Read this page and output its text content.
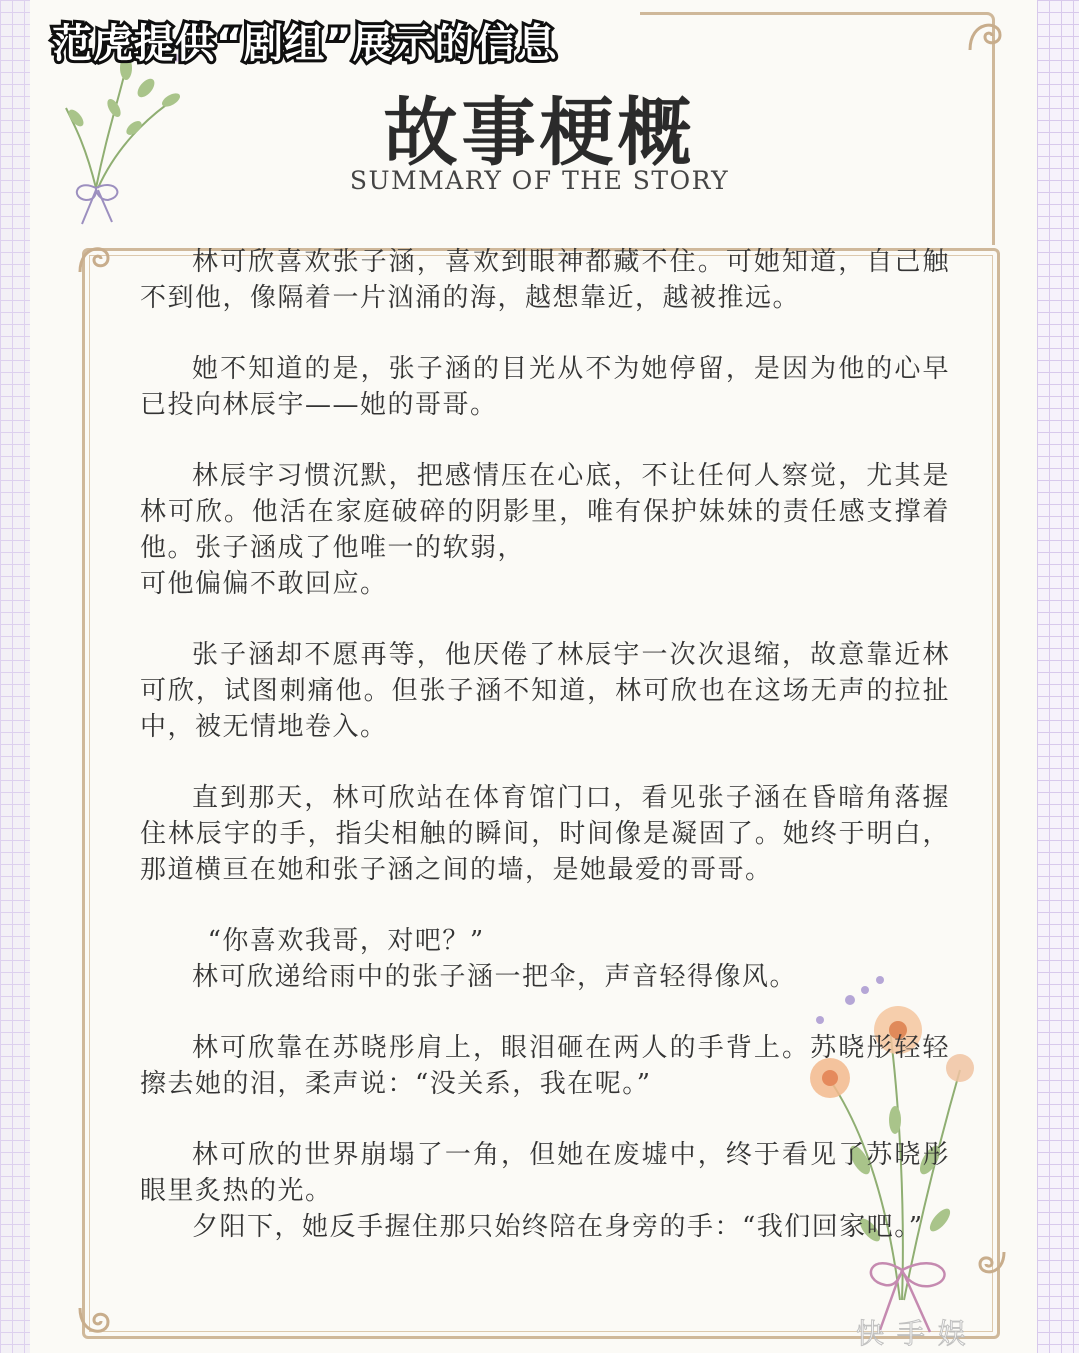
范虎提供“剧组”展示的信息
故事梗概
SUMMARY OF THE STORY

林可欣喜欢张子涵，喜欢到眼神都藏不住。可她知道，自己触不到他，像隔着一片汹涌的海，越想靠近，越被推远。

她不知道的是，张子涵的目光从不为她停留，是因为他的心早已投向林辰宇——她的哥哥。

林辰宇习惯沉默，把感情压在心底，不让任何人察觉，尤其是林可欣。他活在家庭破碎的阴影里，唯有保护妹妹的责任感支撑着他。张子涵成了他唯一的软弱，

可他偏偏不敢回应。

张子涵却不愿再等，他厌倦了林辰宇一次次退缩，故意靠近林可欣，试图刺痛他。但张子涵不知道，林可欣也在这场无声的拉扯中，被无情地卷入。

直到那天，林可欣站在体育馆门口，看见张子涵在昏暗角落握住林辰宇的手，指尖相触的瞬间，时间像是凝固了。她终于明白，那道横亘在她和张子涵之间的墙，是她最爱的哥哥。

“你喜欢我哥，对吧？”

林可欣递给雨中的张子涵一把伞，声音轻得像风。

林可欣靠在苏晓彤肩上，眼泪砸在两人的手背上。苏晓彤轻轻擦去她的泪，柔声说：“没关系，我在呢。”

林可欣的世界崩塌了一角，但她在废墟中，终于看见了苏晓彤眼里炙热的光。

夕阳下，她反手握住那只始终陪在身旁的手：“我们回家吧。”

快 手 娱
